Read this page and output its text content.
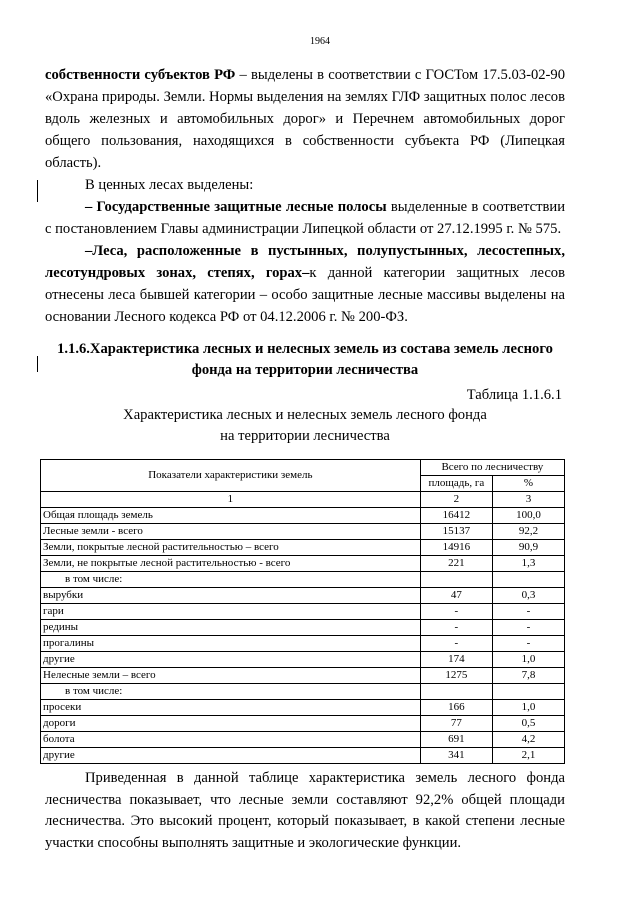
1964

собственности субъектов РФ – выделены в соответствии с ГОСТом 17.5.03-02-90 «Охрана природы. Земли. Нормы выделения на землях ГЛФ защитных полос лесов вдоль железных и автомобильных дорог» и Перечнем автомобильных дорог общего пользования, находящихся в собственности субъекта РФ (Липецкая область).

В ценных лесах выделены:

– Государственные защитные лесные полосы выделенные в соответствии с постановлением Главы администрации Липецкой области от 27.12.1995 г. № 575.

–Леса, расположенные в пустынных, полупустынных, лесостепных, лесотундровых зонах, степях, горах–к данной категории защитных лесов отнесены леса бывшей категории – особо защитные лесные массивы выделены на основании Лесного кодекса РФ от 04.12.2006 г. № 200-ФЗ.

1.1.6.Характеристика лесных и нелесных земель из состава земель лесного
фонда на территории лесничества
Таблица 1.1.6.1
Характеристика лесных и нелесных земель лесного фонда
на территории лесничества
Показатели характеристики земель	Всего по лесничеству	
	площадь, га	%
1	2	3
Общая площадь земель	16412	100,0
Лесные земли - всего	15137	92,2
Земли, покрытые лесной растительностью – всего	14916	90,9
Земли, не покрытые лесной растительностью - всего	221	1,3
в том числе:		
вырубки	47	0,3
гари	-	-
редины	-	-
прогалины	-	-
другие	174	1,0
Нелесные земли – всего	1275	7,8
в том числе:		
просеки	166	1,0
дороги	77	0,5
болота	691	4,2
другие	341	2,1

Приведенная в данной таблице характеристика земель лесного фонда лесничества показывает, что лесные земли составляют 92,2% общей площади лесничества. Это высокий процент, который показывает, в какой степени лесные участки способны выполнять защитные и экологические функции.
